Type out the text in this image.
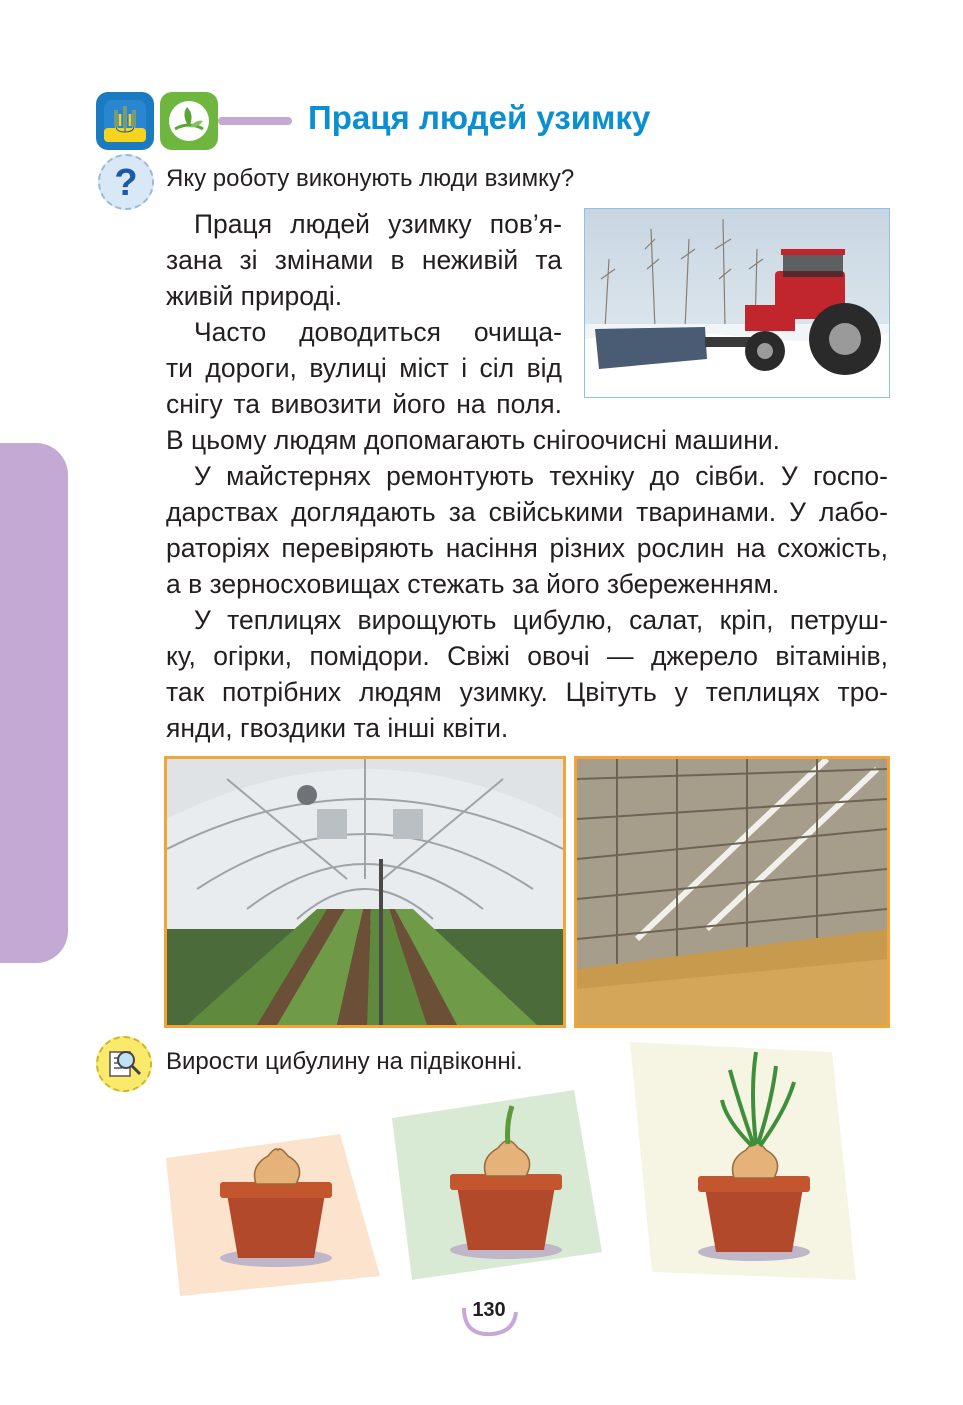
Праця людей узимку
? Яку роботу виконують люди взимку?
Праця людей узимку пов’я-
зана зі змінами в неживій та
живій природі.
Часто доводиться очища-
ти дороги, вулиці міст і сіл від
снігу та вивозити його на поля.
В цьому людям допомагають снігоочисні машини.
У майстернях ремонтують техніку до сівби. У госпо-
дарствах доглядають за свійськими тваринами. У лабо-
раторіях перевіряють насіння різних рослин на схожість,
а в зерносховищах стежать за його збереженням.
У теплицях вирощують цибулю, салат, кріп, петруш-
ку, огірки, помідори. Свіжі овочі — джерело вітамінів,
так потрібних людям узимку. Цвітуть у теплицях тро-
янди, гвоздики та інші квіти.
Вирости цибулину на підвіконні.
130
